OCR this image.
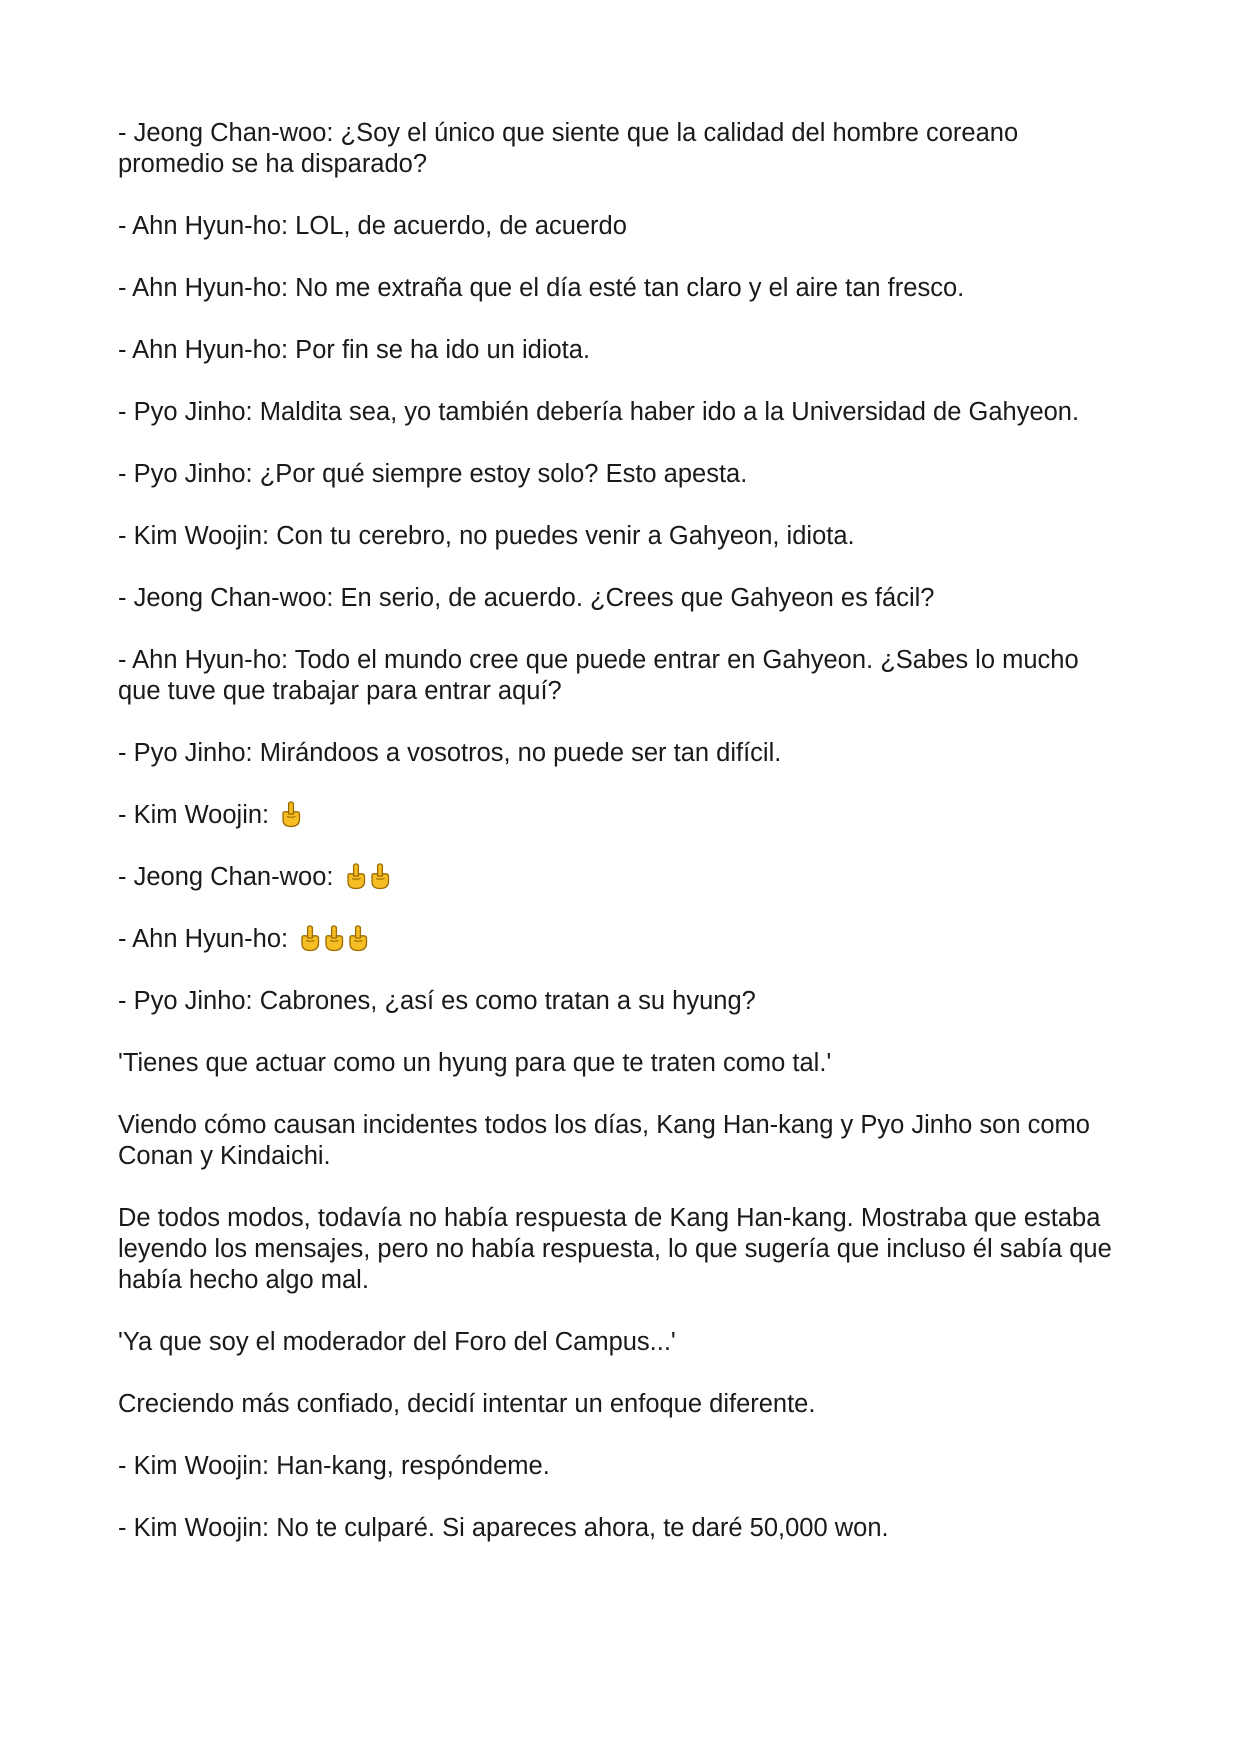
- Jeong Chan-woo: ¿Soy el único que siente que la calidad del hombre coreano promedio se ha disparado?

- Ahn Hyun-ho: LOL, de acuerdo, de acuerdo

- Ahn Hyun-ho: No me extraña que el día esté tan claro y el aire tan fresco.

- Ahn Hyun-ho: Por fin se ha ido un idiota.

- Pyo Jinho: Maldita sea, yo también debería haber ido a la Universidad de Gahyeon.

- Pyo Jinho: ¿Por qué siempre estoy solo? Esto apesta.

- Kim Woojin: Con tu cerebro, no puedes venir a Gahyeon, idiota.

- Jeong Chan-woo: En serio, de acuerdo. ¿Crees que Gahyeon es fácil?

- Ahn Hyun-ho: Todo el mundo cree que puede entrar en Gahyeon. ¿Sabes lo mucho que tuve que trabajar para entrar aquí?

- Pyo Jinho: Mirándoos a vosotros, no puede ser tan difícil.

- Kim Woojin:

- Jeong Chan-woo:

- Ahn Hyun-ho:

- Pyo Jinho: Cabrones, ¿así es como tratan a su hyung?

'Tienes que actuar como un hyung para que te traten como tal.'

Viendo cómo causan incidentes todos los días, Kang Han-kang y Pyo Jinho son como Conan y Kindaichi.

De todos modos, todavía no había respuesta de Kang Han-kang. Mostraba que estaba leyendo los mensajes, pero no había respuesta, lo que sugería que incluso él sabía que había hecho algo mal.

'Ya que soy el moderador del Foro del Campus...'

Creciendo más confiado, decidí intentar un enfoque diferente.

- Kim Woojin: Han-kang, respóndeme.

- Kim Woojin: No te culparé. Si apareces ahora, te daré 50,000 won.
